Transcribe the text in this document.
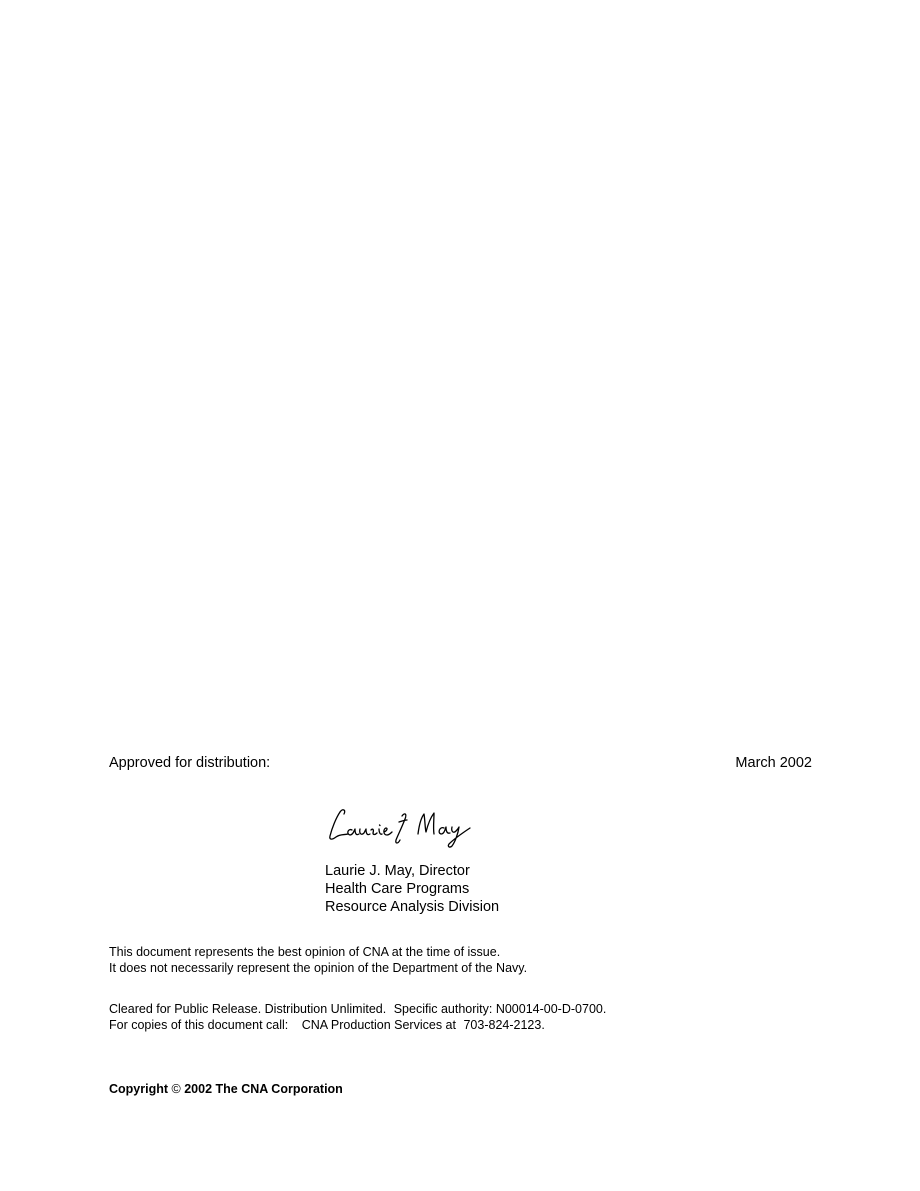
Approved for distribution:	March 2002
Laurie J. May, Director
Health Care Programs
Resource Analysis Division
This document represents the best opinion of CNA at the time of issue.
It does not necessarily represent the opinion of the Department of the Navy.
Cleared for Public Release. Distribution Unlimited. Specific authority: N00014-00-D-0700.
For copies of this document call: CNA Production Services at 703-824-2123.
Copyright © 2002 The CNA Corporation
